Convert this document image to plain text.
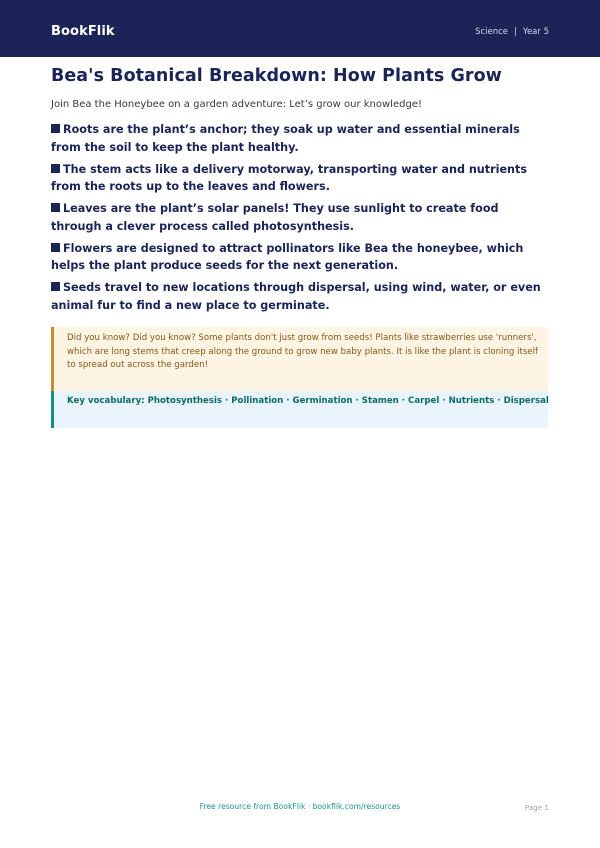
BookFlik	Science | Year 5
Bea's Botanical Breakdown: How Plants Grow
Join Bea the Honeybee on a garden adventure: Let’s grow our knowledge!
Roots are the plant’s anchor; they soak up water and essential minerals from the soil to keep the plant healthy.
The stem acts like a delivery motorway, transporting water and nutrients from the roots up to the leaves and flowers.
Leaves are the plant’s solar panels! They use sunlight to create food through a clever process called photosynthesis.
Flowers are designed to attract pollinators like Bea the honeybee, which helps the plant produce seeds for the next generation.
Seeds travel to new locations through dispersal, using wind, water, or even animal fur to find a new place to germinate.
Did you know? Did you know? Some plants don't just grow from seeds! Plants like strawberries use 'runners', which are long stems that creep along the ground to grow new baby plants. It is like the plant is cloning itself to spread out across the garden!
Key vocabulary: Photosynthesis · Pollination · Germination · Stamen · Carpel · Nutrients · Dispersal
Free resource from BookFlik · bookflik.com/resources	Page 1
